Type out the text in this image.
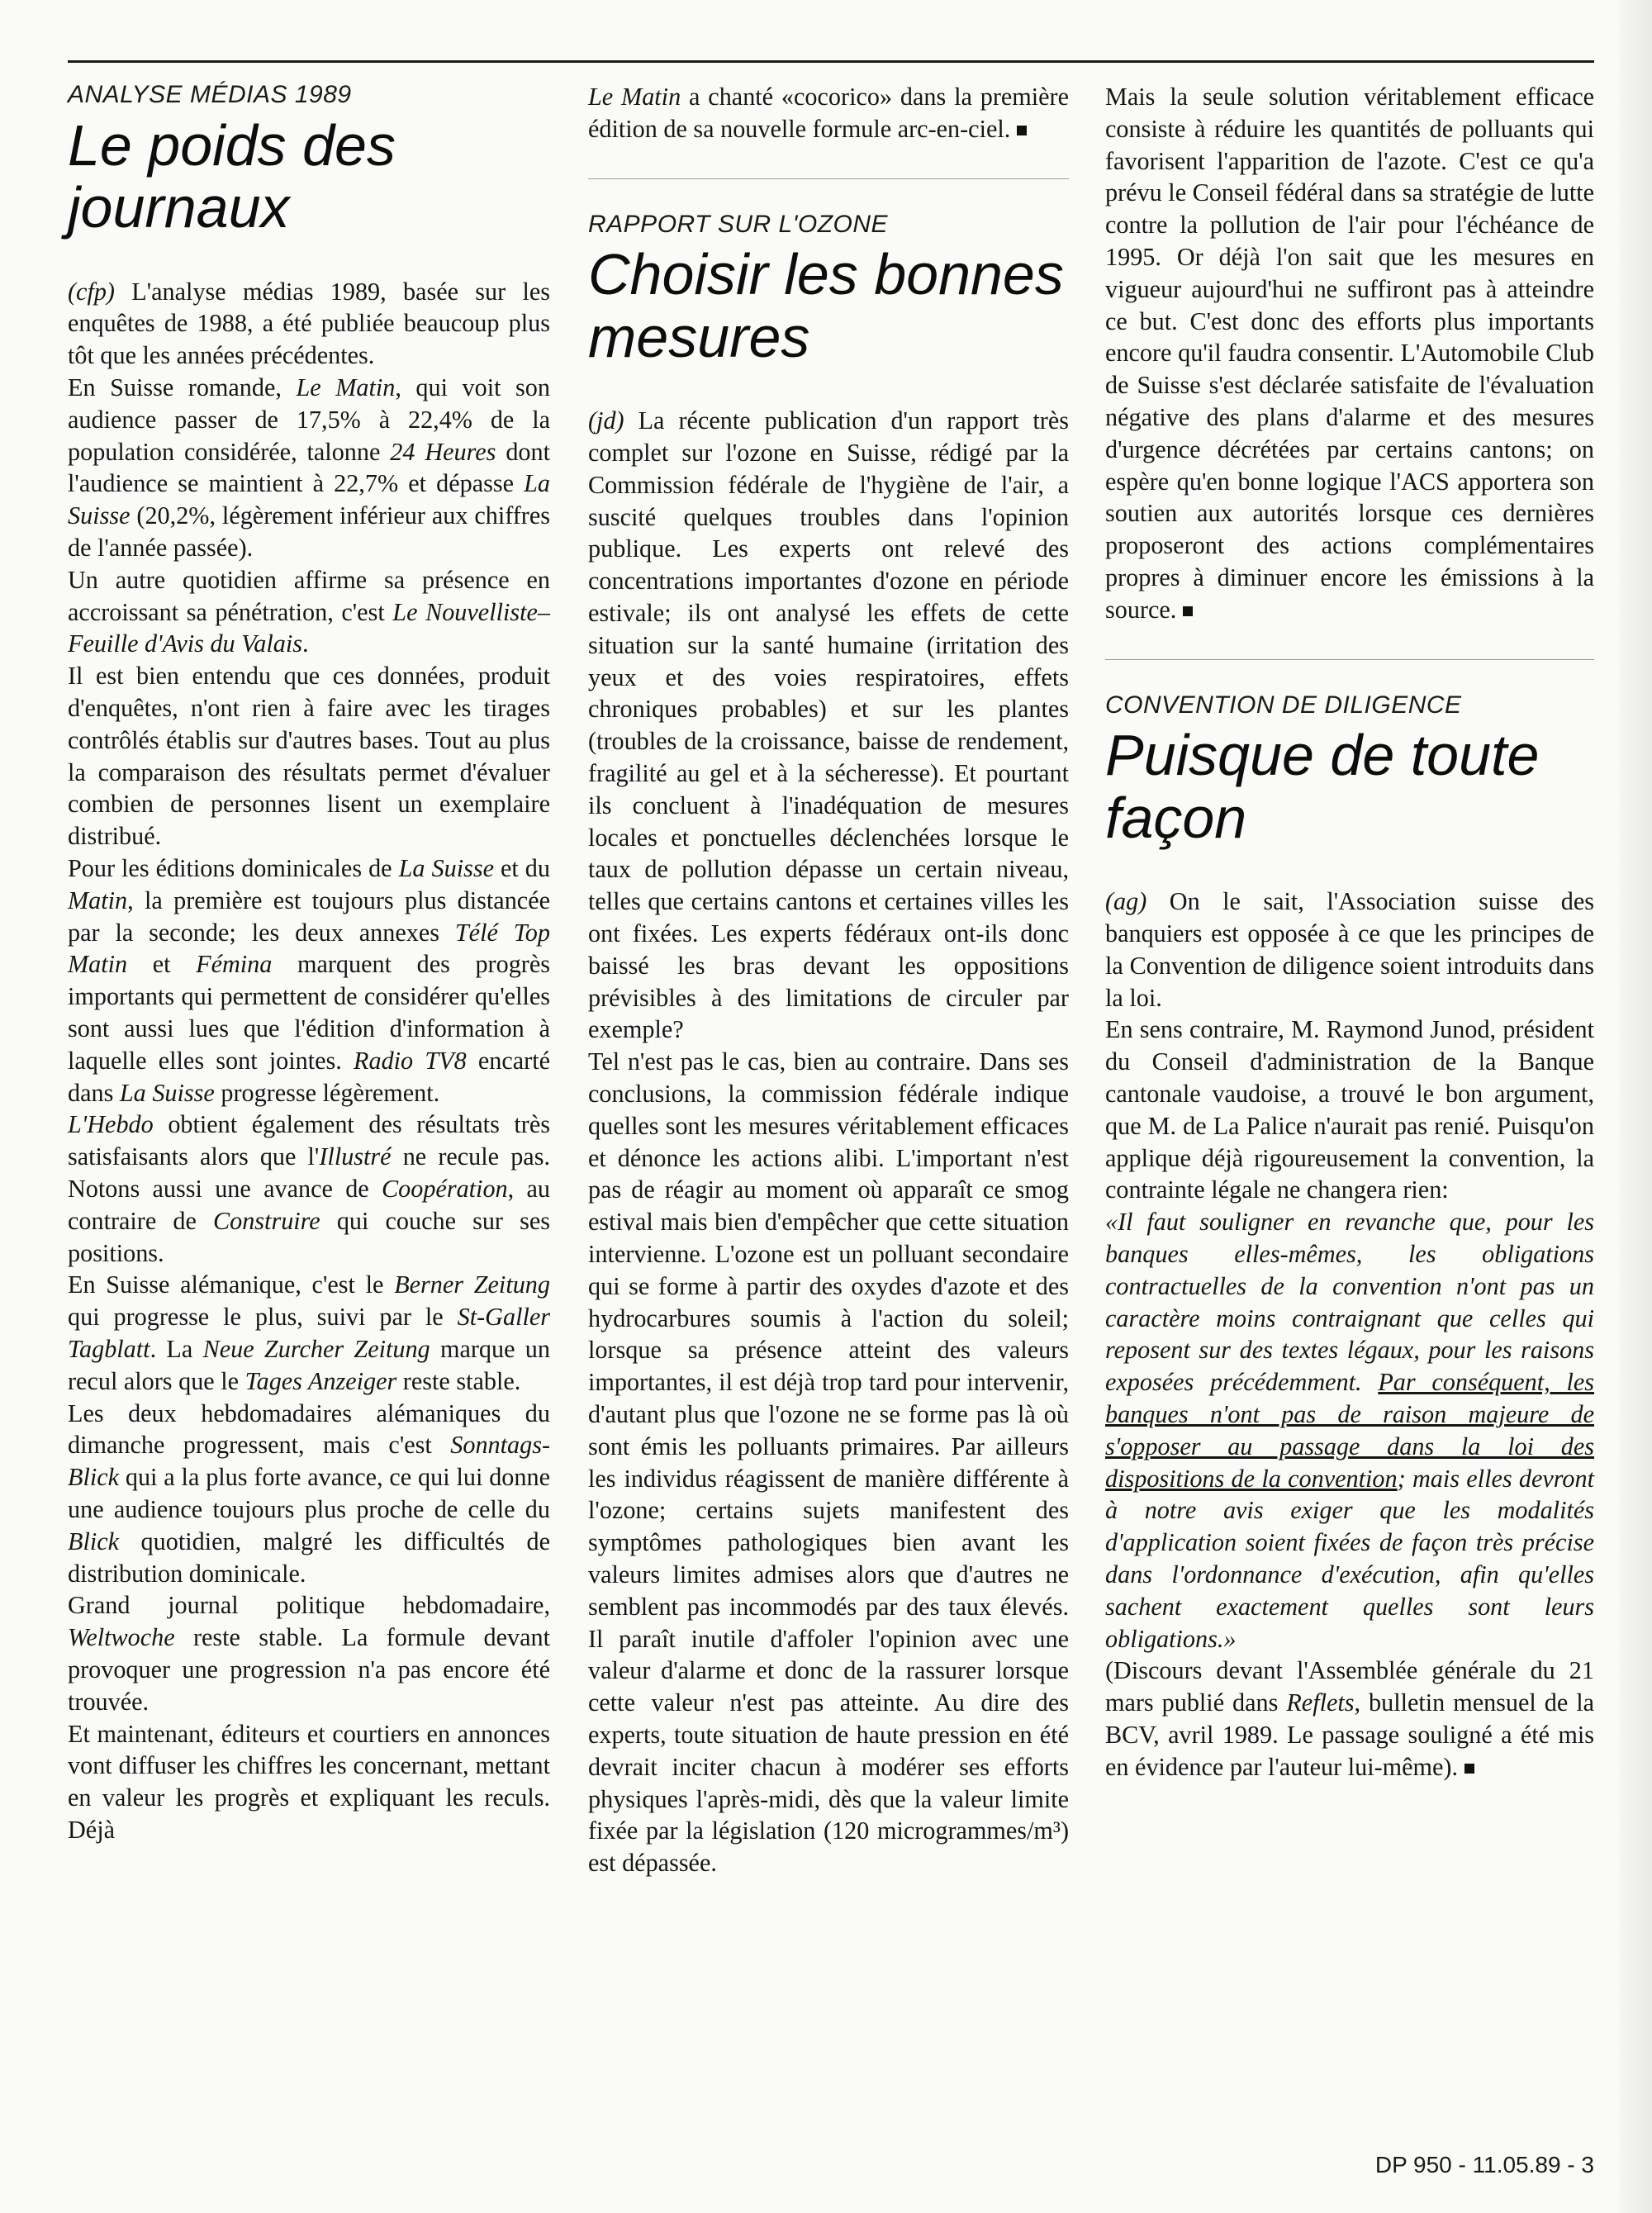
ANALYSE MÉDIAS 1989
Le poids des journaux

(cfp) L'analyse médias 1989, basée sur les enquêtes de 1988, a été publiée beaucoup plus tôt que les années précédentes.

En Suisse romande, Le Matin, qui voit son audience passer de 17,5% à 22,4% de la population considérée, talonne 24 Heures dont l'audience se maintient à 22,7% et dépasse La Suisse (20,2%, légèrement inférieur aux chiffres de l'année passée).

Un autre quotidien affirme sa présence en accroissant sa pénétration, c'est Le Nouvelliste–Feuille d'Avis du Valais.

Il est bien entendu que ces données, produit d'enquêtes, n'ont rien à faire avec les tirages contrôlés établis sur d'autres bases. Tout au plus la comparaison des résultats permet d'évaluer combien de personnes lisent un exemplaire distribué.

Pour les éditions dominicales de La Suisse et du Matin, la première est toujours plus distancée par la seconde; les deux annexes Télé Top Matin et Fémina marquent des progrès importants qui permettent de considérer qu'elles sont aussi lues que l'édition d'information à laquelle elles sont jointes. Radio TV8 encarté dans La Suisse progresse légèrement.

L'Hebdo obtient également des résultats très satisfaisants alors que l'Illustré ne recule pas. Notons aussi une avance de Coopération, au contraire de Construire qui couche sur ses positions.

En Suisse alémanique, c'est le Berner Zeitung qui progresse le plus, suivi par le St-Galler Tagblatt. La Neue Zurcher Zeitung marque un recul alors que le Tages Anzeiger reste stable.

Les deux hebdomadaires alémaniques du dimanche progressent, mais c'est Sonntags-Blick qui a la plus forte avance, ce qui lui donne une audience toujours plus proche de celle du Blick quotidien, malgré les difficultés de distribution dominicale.

Grand journal politique hebdomadaire, Weltwoche reste stable. La formule devant provoquer une progression n'a pas encore été trouvée.

Et maintenant, éditeurs et courtiers en annonces vont diffuser les chiffres les concernant, mettant en valeur les progrès et expliquant les reculs. Déjà

Le Matin a chanté «cocorico» dans la première édition de sa nouvelle formule arc-en-ciel.

RAPPORT SUR L'OZONE
Choisir les bonnes mesures

(jd) La récente publication d'un rapport très complet sur l'ozone en Suisse, rédigé par la Commission fédérale de l'hygiène de l'air, a suscité quelques troubles dans l'opinion publique. Les experts ont relevé des concentrations importantes d'ozone en période estivale; ils ont analysé les effets de cette situation sur la santé humaine (irritation des yeux et des voies respiratoires, effets chroniques probables) et sur les plantes (troubles de la croissance, baisse de rendement, fragilité au gel et à la sécheresse). Et pourtant ils concluent à l'inadéquation de mesures locales et ponctuelles déclenchées lorsque le taux de pollution dépasse un certain niveau, telles que certains cantons et certaines villes les ont fixées. Les experts fédéraux ont-ils donc baissé les bras devant les oppositions prévisibles à des limitations de circuler par exemple?

Tel n'est pas le cas, bien au contraire. Dans ses conclusions, la commission fédérale indique quelles sont les mesures véritablement efficaces et dénonce les actions alibi. L'important n'est pas de réagir au moment où apparaît ce smog estival mais bien d'empêcher que cette situation intervienne. L'ozone est un polluant secondaire qui se forme à partir des oxydes d'azote et des hydrocarbures soumis à l'action du soleil; lorsque sa présence atteint des valeurs importantes, il est déjà trop tard pour intervenir, d'autant plus que l'ozone ne se forme pas là où sont émis les polluants primaires. Par ailleurs les individus réagissent de manière différente à l'ozone; certains sujets manifestent des symptômes pathologiques bien avant les valeurs limites admises alors que d'autres ne semblent pas incommodés par des taux élevés. Il paraît inutile d'affoler l'opinion avec une valeur d'alarme et donc de la rassurer lorsque cette valeur n'est pas atteinte. Au dire des experts, toute situation de haute pression en été devrait inciter chacun à modérer ses efforts physiques l'après-midi, dès que la valeur limite fixée par la législation (120 microgrammes/m³) est dépassée.

Mais la seule solution véritablement efficace consiste à réduire les quantités de polluants qui favorisent l'apparition de l'azote. C'est ce qu'a prévu le Conseil fédéral dans sa stratégie de lutte contre la pollution de l'air pour l'échéance de 1995. Or déjà l'on sait que les mesures en vigueur aujourd'hui ne suffiront pas à atteindre ce but. C'est donc des efforts plus importants encore qu'il faudra consentir. L'Automobile Club de Suisse s'est déclarée satisfaite de l'évaluation négative des plans d'alarme et des mesures d'urgence décrétées par certains cantons; on espère qu'en bonne logique l'ACS apportera son soutien aux autorités lorsque ces dernières proposeront des actions complémentaires propres à diminuer encore les émissions à la source.

CONVENTION DE DILIGENCE
Puisque de toute façon

(ag) On le sait, l'Association suisse des banquiers est opposée à ce que les principes de la Convention de diligence soient introduits dans la loi.

En sens contraire, M. Raymond Junod, président du Conseil d'administration de la Banque cantonale vaudoise, a trouvé le bon argument, que M. de La Palice n'aurait pas renié. Puisqu'on applique déjà rigoureusement la convention, la contrainte légale ne changera rien:

«Il faut souligner en revanche que, pour les banques elles-mêmes, les obligations contractuelles de la convention n'ont pas un caractère moins contraignant que celles qui reposent sur des textes légaux, pour les raisons exposées précédemment. Par conséquent, les banques n'ont pas de raison majeure de s'opposer au passage dans la loi des dispositions de la convention; mais elles devront à notre avis exiger que les modalités d'application soient fixées de façon très précise dans l'ordonnance d'exécution, afin qu'elles sachent exactement quelles sont leurs obligations.»

(Discours devant l'Assemblée générale du 21 mars publié dans Reflets, bulletin mensuel de la BCV, avril 1989. Le passage souligné a été mis en évidence par l'auteur lui-même).

DP 950 - 11.05.89 - 3
